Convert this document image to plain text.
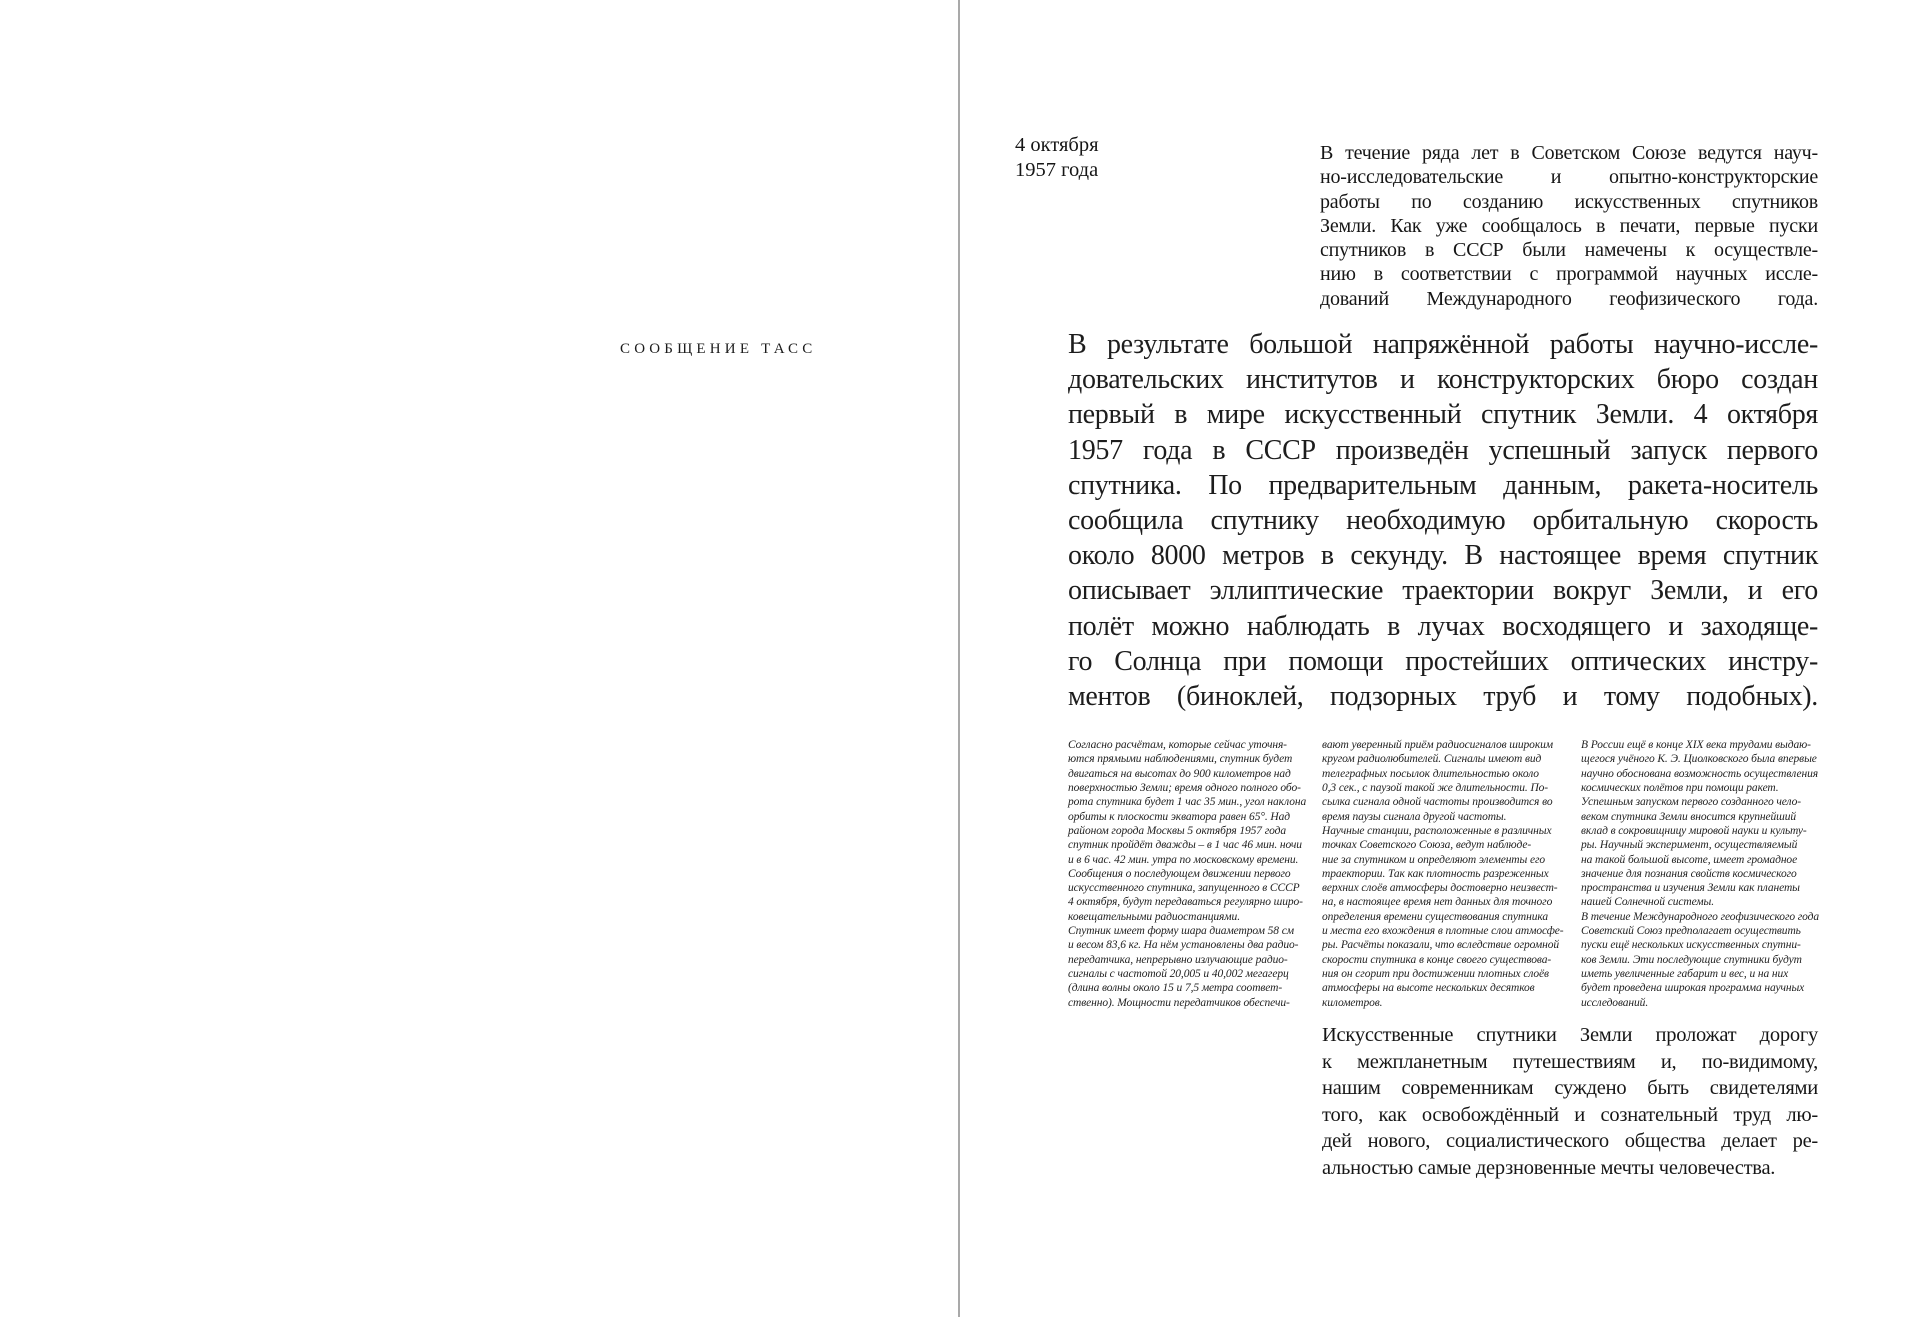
СООБЩЕНИЕ ТАСС
4 октября
1957 года
В течение ряда лет в Советском Союзе ведутся науч-
но-исследовательские и опытно-конструкторские
работы по созданию искусственных спутников
Земли. Как уже сообщалось в печати, первые пуски
спутников в СССР были намечены к осуществле-
нию в соответствии с программой научных иссле-
дований Международного геофизического года.
В результате большой напряжённой работы научно-иссле-
довательских институтов и конструкторских бюро создан
первый в мире искусственный спутник Земли. 4 октября
1957 года в СССР произведён успешный запуск первого
спутника. По предварительным данным, ракета-носитель
сообщила спутнику необходимую орбитальную скорость
около 8000 метров в секунду. В настоящее время спутник
описывает эллиптические траектории вокруг Земли, и его
полёт можно наблюдать в лучах восходящего и заходяще-
го Солнца при помощи простейших оптических инстру-
ментов (биноклей, подзорных труб и тому подобных).
Согласно расчётам, которые сейчас уточня-
ются прямыми наблюдениями, спутник будет
двигаться на высотах до 900 километров над
поверхностью Земли; время одного полного обо-
рота спутника будет 1 час 35 мин., угол наклона
орбиты к плоскости экватора равен 65°. Над
районом города Москвы 5 октября 1957 года
спутник пройдёт дважды – в 1 час 46 мин. ночи
и в 6 час. 42 мин. утра по московскому времени.
Сообщения о последующем движении первого
искусственного спутника, запущенного в СССР
4 октября, будут передаваться регулярно широ-
ковещательными радиостанциями.
Спутник имеет форму шара диаметром 58 см
и весом 83,6 кг. На нём установлены два радио-
передатчика, непрерывно излучающие радио-
сигналы с частотой 20,005 и 40,002 мегагерц
(длина волны около 15 и 7,5 метра соответ-
ственно). Мощности передатчиков обеспечи-
вают уверенный приём радиосигналов широким
кругом радиолюбителей. Сигналы имеют вид
телеграфных посылок длительностью около
0,3 сек., с паузой такой же длительности. По-
сылка сигнала одной частоты производится во
время паузы сигнала другой частоты.
Научные станции, расположенные в различных
точках Советского Союза, ведут наблюде-
ние за спутником и определяют элементы его
траектории. Так как плотность разреженных
верхних слоёв атмосферы достоверно неизвест-
на, в настоящее время нет данных для точного
определения времени существования спутника
и места его вхождения в плотные слои атмосфе-
ры. Расчёты показали, что вследствие огромной
скорости спутника в конце своего существова-
ния он сгорит при достижении плотных слоёв
атмосферы на высоте нескольких десятков
километров.
В России ещё в конце XIX века трудами выдаю-
щегося учёного К. Э. Циолковского была впервые
научно обоснована возможность осуществления
космических полётов при помощи ракет.
Успешным запуском первого созданного чело-
веком спутника Земли вносится крупнейший
вклад в сокровищницу мировой науки и культу-
ры. Научный эксперимент, осуществляемый
на такой большой высоте, имеет громадное
значение для познания свойств космического
пространства и изучения Земли как планеты
нашей Солнечной системы.
В течение Международного геофизического года
Советский Союз предполагает осуществить
пуски ещё нескольких искусственных спутни-
ков Земли. Эти последующие спутники будут
иметь увеличенные габарит и вес, и на них
будет проведена широкая программа научных
исследований.
Искусственные спутники Земли проложат дорогу
к межпланетным путешествиям и, по-видимому,
нашим современникам суждено быть свидетелями
того, как освобождённый и сознательный труд лю-
дей нового, социалистического общества делает ре-
альностью самые дерзновенные мечты человечества.
